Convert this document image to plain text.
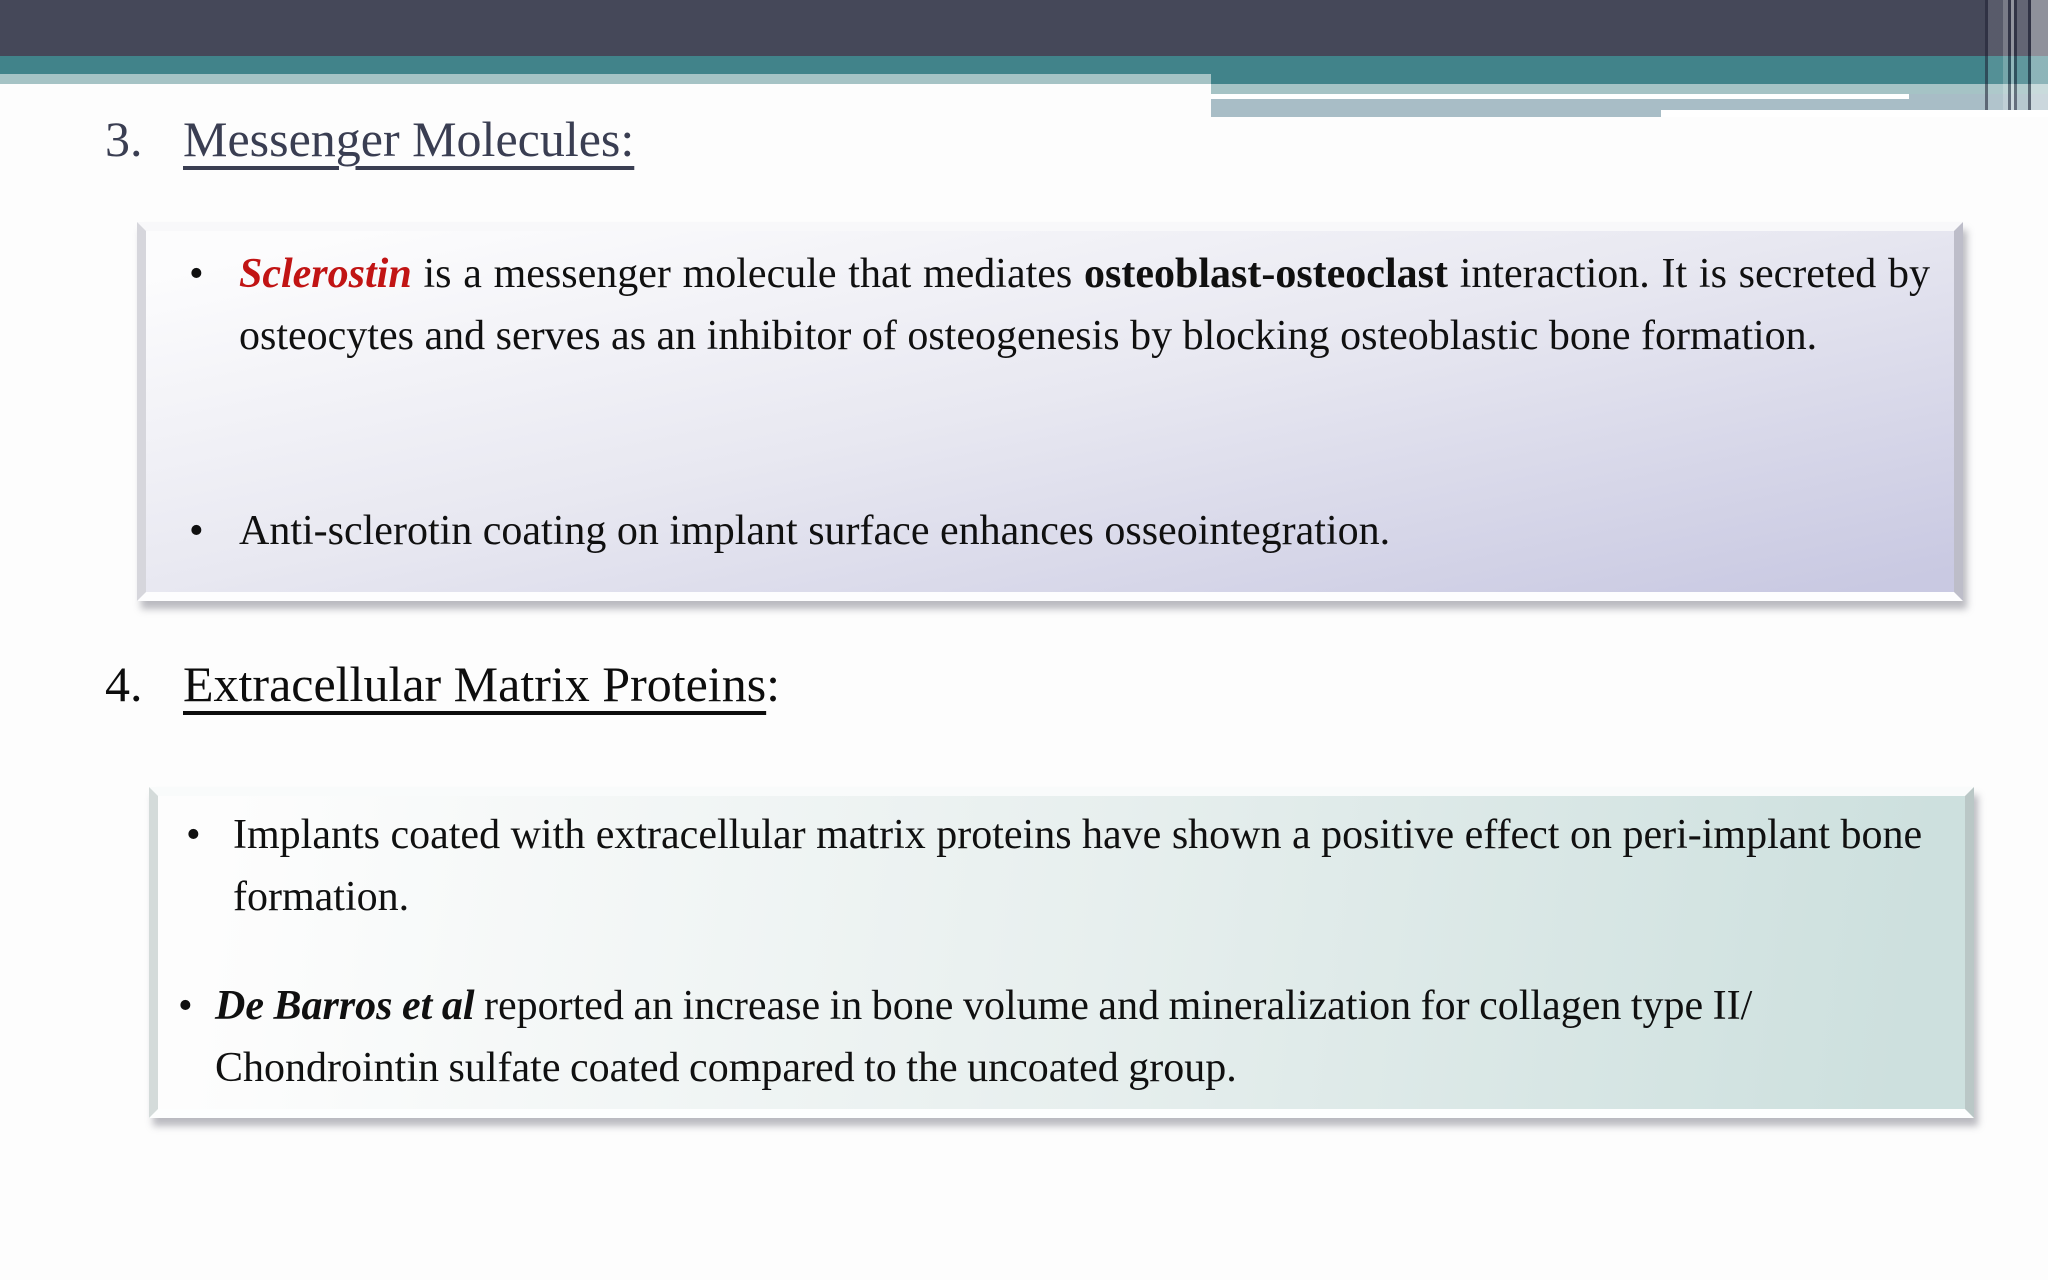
3. Messenger Molecules:
• Sclerostin is a messenger molecule that mediates osteoblast-osteoclast interaction. It is secreted by osteocytes and serves as an inhibitor of osteogenesis by blocking osteoblastic bone formation.

• Anti-sclerotin coating on implant surface enhances osseointegration.

4. Extracellular Matrix Proteins:
• Implants coated with extracellular matrix proteins have shown a positive effect on peri-implant bone formation.

• De Barros et al reported an increase in bone volume and mineralization for collagen type II/ Chondrointin sulfate coated compared to the uncoated group.
